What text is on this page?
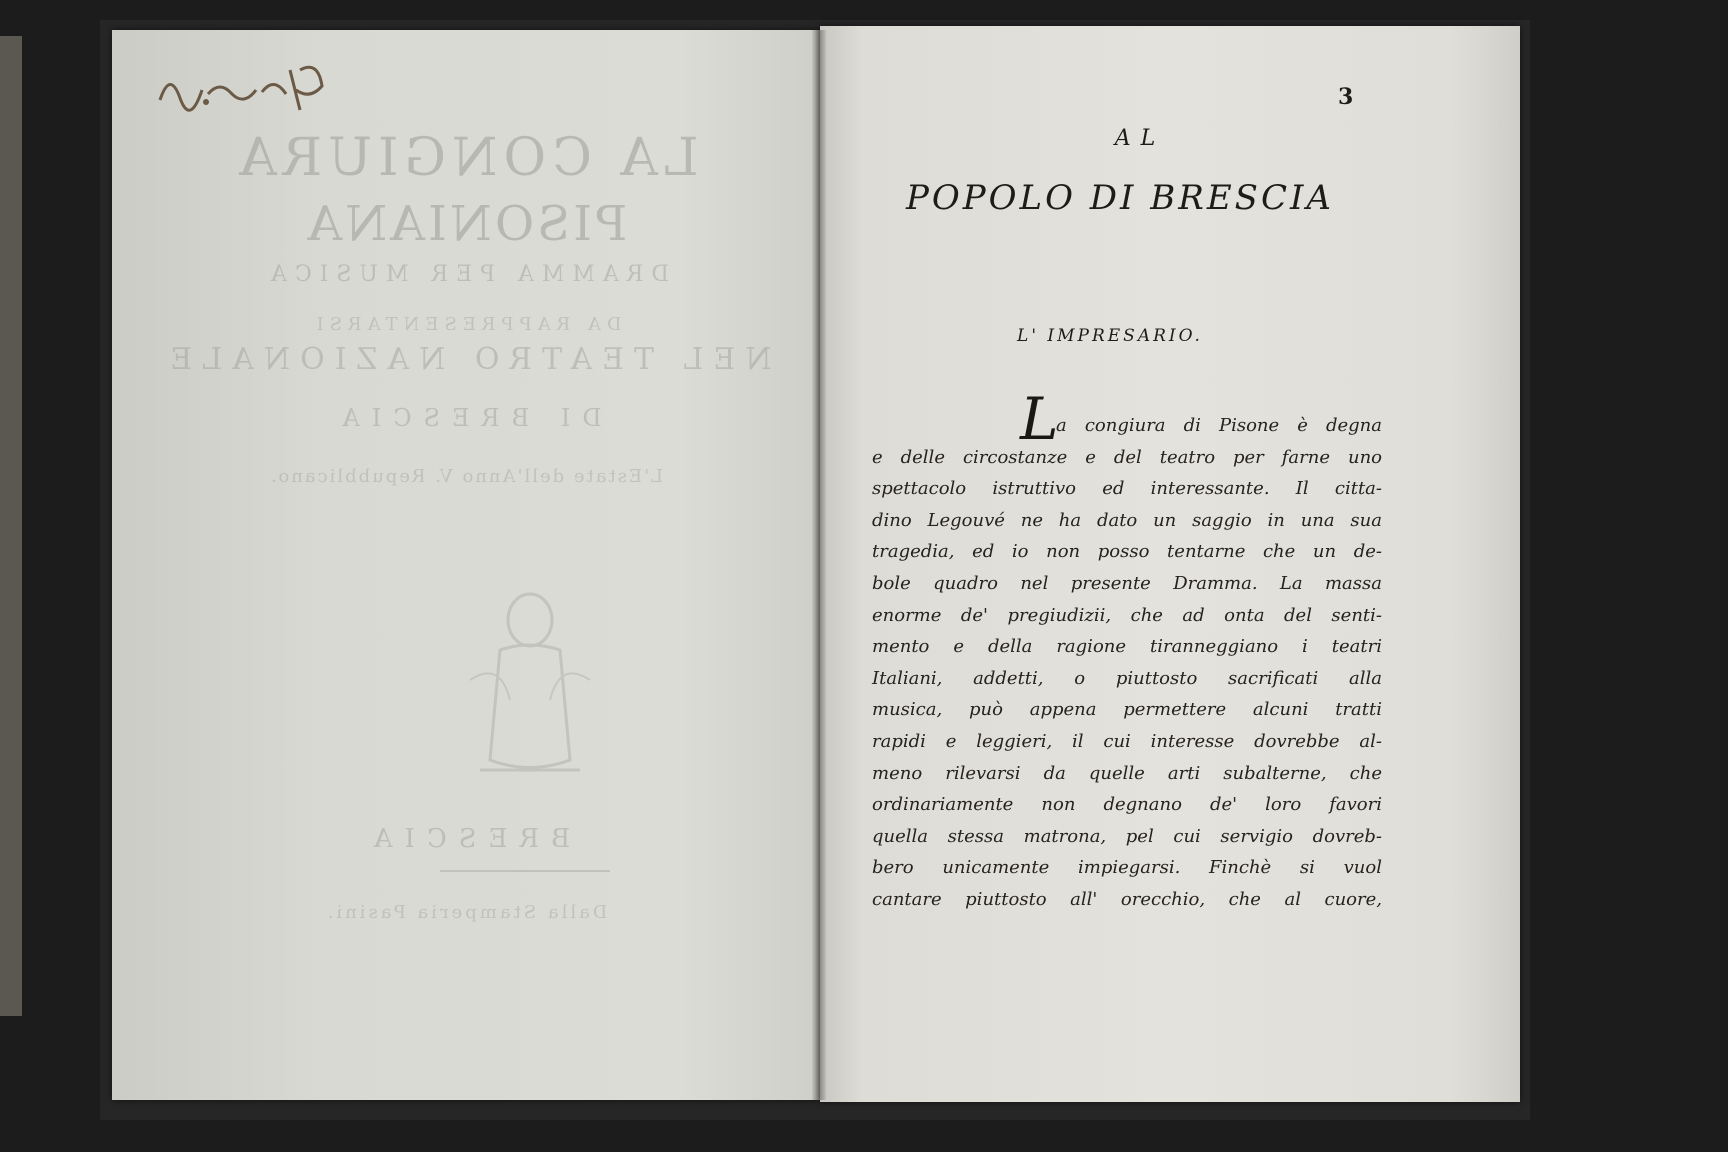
LA CONGIURA
PISONIANA
DRAMMA PER MUSICA
DA RAPPRESENTARSI
NEL TEATRO NAZIONALE
DI BRESCIA
L'Estate dell'Anno V. Repubblicano.
BRESCIA
Dalla Stamperia Pasini.
3
AL
POPOLO DI BRESCIA
L' IMPRESARIO.
L
a congiura di Pisone è degna
e delle circostanze e del teatro per farne uno
spettacolo istruttivo ed interessante. Il citta-
dino Legouvé ne ha dato un saggio in una sua
tragedia, ed io non posso tentarne che un de-
bole quadro nel presente Dramma. La massa
enorme de' pregiudizii, che ad onta del senti-
mento e della ragione tiranneggiano i teatri
Italiani, addetti, o piuttosto sacrificati alla
musica, può appena permettere alcuni tratti
rapidi e leggieri, il cui interesse dovrebbe al-
meno rilevarsi da quelle arti subalterne, che
ordinariamente non degnano de' loro favori
quella stessa matrona, pel cui servigio dovreb-
bero unicamente impiegarsi. Finchè si vuol
cantare piuttosto all' orecchio, che al cuore,
